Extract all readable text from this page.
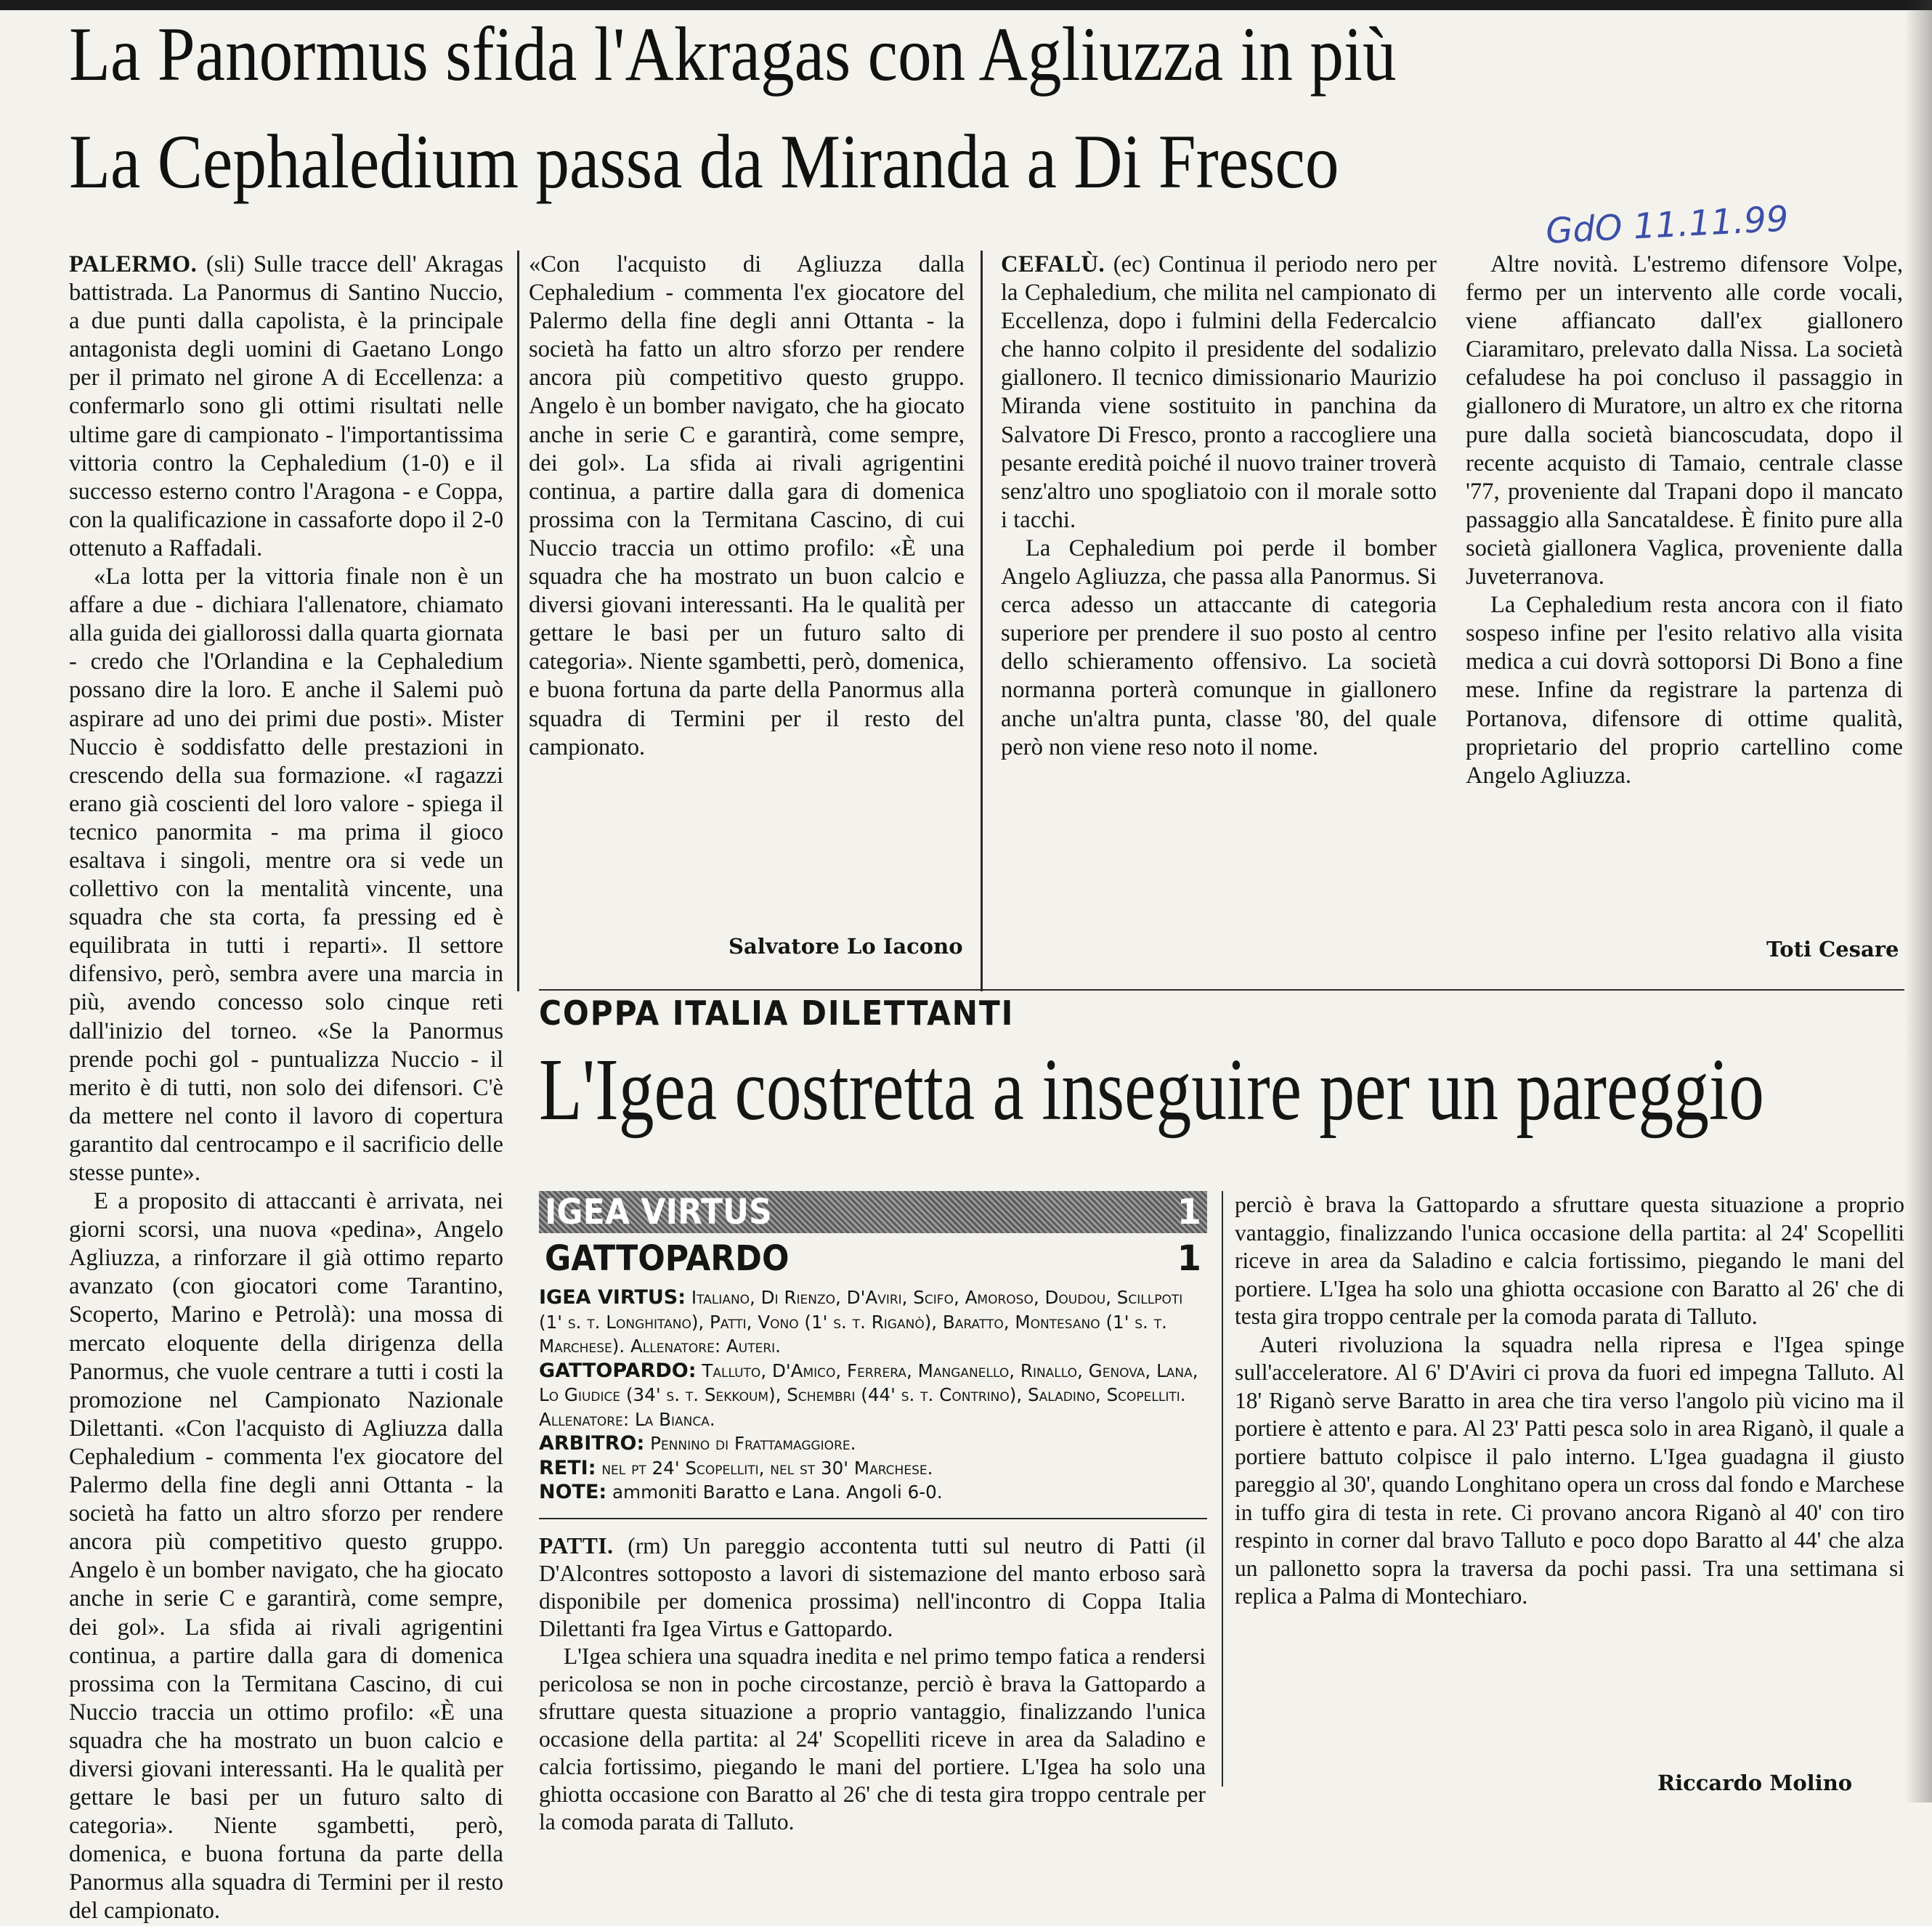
La Panormus sfida l'Akragas con Agliuzza in più
La Cephaledium passa da Miranda a Di Fresco
GdO 11.11.99

PALERMO. (sli) Sulle tracce dell' Akragas battistrada. La Panormus di Santino Nuccio, a due punti dalla capolista, è la principale antagonista degli uomini di Gaetano Longo per il primato nel girone A di Eccellenza: a confermarlo sono gli ottimi risultati nelle ultime gare di campionato - l'importantissima vittoria contro la Cephaledium (1-0) e il successo esterno contro l'Aragona - e Coppa, con la qualificazione in cassaforte dopo il 2-0 ottenuto a Raffadali.

«La lotta per la vittoria finale non è un affare a due - dichiara l'allenatore, chiamato alla guida dei giallorossi dalla quarta giornata - credo che l'Orlandina e la Cephaledium possano dire la loro. E anche il Salemi può aspirare ad uno dei primi due posti». Mister Nuccio è soddisfatto delle prestazioni in crescendo della sua formazione. «I ragazzi erano già coscienti del loro valore - spiega il tecnico panormita - ma prima il gioco esaltava i singoli, mentre ora si vede un collettivo con la mentalità vincente, una squadra che sta corta, fa pressing ed è equilibrata in tutti i reparti». Il settore difensivo, però, sembra avere una marcia in più, avendo concesso solo cinque reti dall'inizio del torneo. «Se la Panormus prende pochi gol - puntualizza Nuccio - il merito è di tutti, non solo dei difensori. C'è da mettere nel conto il lavoro di copertura garantito dal centrocampo e il sacrificio delle stesse punte».

E a proposito di attaccanti è arrivata, nei giorni scorsi, una nuova «pedina», Angelo Agliuzza, a rinforzare il già ottimo reparto avanzato (con giocatori come Tarantino, Scoperto, Marino e Petrolà): una mossa di mercato eloquente della dirigenza della Panormus, che vuole centrare a tutti i costi la promozione nel Campionato Nazionale Dilettanti. «Con l'acquisto di Agliuzza dalla Cephaledium - commenta l'ex giocatore del Palermo della fine degli anni Ottanta - la società ha fatto un altro sforzo per rendere ancora più competitivo questo gruppo. Angelo è un bomber navigato, che ha giocato anche in serie C e garantirà, come sempre, dei gol». La sfida ai rivali agrigentini continua, a partire dalla gara di domenica prossima con la Termitana Cascino, di cui Nuccio traccia un ottimo profilo: «È una squadra che ha mostrato un buon calcio e diversi giovani interessanti. Ha le qualità per gettare le basi per un futuro salto di categoria». Niente sgambetti, però, domenica, e buona fortuna da parte della Panormus alla squadra di Termini per il resto del campionato.

«Con l'acquisto di Agliuzza dalla Cephaledium - commenta l'ex giocatore del Palermo della fine degli anni Ottanta - la società ha fatto un altro sforzo per rendere ancora più competitivo questo gruppo. Angelo è un bomber navigato, che ha giocato anche in serie C e garantirà, come sempre, dei gol». La sfida ai rivali agrigentini continua, a partire dalla gara di domenica prossima con la Termitana Cascino, di cui Nuccio traccia un ottimo profilo: «È una squadra che ha mostrato un buon calcio e diversi giovani interessanti. Ha le qualità per gettare le basi per un futuro salto di categoria». Niente sgambetti, però, domenica, e buona fortuna da parte della Panormus alla squadra di Termini per il resto del campionato.

Salvatore Lo Iacono

CEFALÙ. (ec) Continua il periodo nero per la Cephaledium, che milita nel campionato di Eccellenza, dopo i fulmini della Federcalcio che hanno colpito il presidente del sodalizio giallonero. Il tecnico dimissionario Maurizio Miranda viene sostituito in panchina da Salvatore Di Fresco, pronto a raccogliere una pesante eredità poiché il nuovo trainer troverà senz'altro uno spogliatoio con il morale sotto i tacchi.

La Cephaledium poi perde il bomber Angelo Agliuzza, che passa alla Panormus. Si cerca adesso un attaccante di categoria superiore per prendere il suo posto al centro dello schieramento offensivo. La società normanna porterà comunque in giallonero anche un'altra punta, classe '80, del quale però non viene reso noto il nome.

Altre novità. L'estremo difensore Volpe, fermo per un intervento alle corde vocali, viene affiancato dall'ex giallonero Ciaramitaro, prelevato dalla Nissa. La società cefaludese ha poi concluso il passaggio in giallonero di Muratore, un altro ex che ritorna pure dalla società biancoscudata, dopo il recente acquisto di Tamaio, centrale classe '77, proveniente dal Trapani dopo il mancato passaggio alla Sancataldese. È finito pure alla società giallonera Vaglica, proveniente dalla Juveterranova.

La Cephaledium resta ancora con il fiato sospeso infine per l'esito relativo alla visita medica a cui dovrà sottoporsi Di Bono a fine mese. Infine da registrare la partenza di Portanova, difensore di ottime qualità, proprietario del proprio cartellino come Angelo Agliuzza.

Toti Cesare
COPPA ITALIA DILETTANTI
L'Igea costretta a inseguire per un pareggio
IGEA VIRTUS	1
GATTOPARDO	1

IGEA VIRTUS: Italiano, Di Rienzo, D'Aviri, Scifo, Amoroso, Doudou, Scillpoti (1' s. t. Longhitano), Patti, Vono (1' s. t. Riganò), Baratto, Montesano (1' s. t. Marchese). Allenatore: Auteri.

GATTOPARDO: Talluto, D'Amico, Ferrera, Manganello, Rinallo, Genova, Lana, Lo Giudice (34' s. t. Sekkoum), Schembri (44' s. t. Contrino), Saladino, Scopelliti. Allenatore: La Bianca.

ARBITRO: Pennino di Frattamaggiore.

RETI: nel pt 24' Scopelliti, nel st 30' Marchese.

NOTE: ammoniti Baratto e Lana. Angoli 6-0.

PATTI. (rm) Un pareggio accontenta tutti sul neutro di Patti (il D'Alcontres sottoposto a lavori di sistemazione del manto erboso sarà disponibile per domenica prossima) nell'incontro di Coppa Italia Dilettanti fra Igea Virtus e Gattopardo.

L'Igea schiera una squadra inedita e nel primo tempo fatica a rendersi pericolosa se non in poche circostanze, perciò è brava la Gattopardo a sfruttare questa situazione a proprio vantaggio, finalizzando l'unica occasione della partita: al 24' Scopelliti riceve in area da Saladino e calcia fortissimo, piegando le mani del portiere. L'Igea ha solo una ghiotta occasione con Baratto al 26' che di testa gira troppo centrale per la comoda parata di Talluto.

perciò è brava la Gattopardo a sfruttare questa situazione a proprio vantaggio, finalizzando l'unica occasione della partita: al 24' Scopelliti riceve in area da Saladino e calcia fortissimo, piegando le mani del portiere. L'Igea ha solo una ghiotta occasione con Baratto al 26' che di testa gira troppo centrale per la comoda parata di Talluto.

Auteri rivoluziona la squadra nella ripresa e l'Igea spinge sull'acceleratore. Al 6' D'Aviri ci prova da fuori ed impegna Talluto. Al 18' Riganò serve Baratto in area che tira verso l'angolo più vicino ma il portiere è attento e para. Al 23' Patti pesca solo in area Riganò, il quale a portiere battuto colpisce il palo interno. L'Igea guadagna il giusto pareggio al 30', quando Longhitano opera un cross dal fondo e Marchese in tuffo gira di testa in rete. Ci provano ancora Riganò al 40' con tiro respinto in corner dal bravo Talluto e poco dopo Baratto al 44' che alza un pallonetto sopra la traversa da pochi passi. Tra una settimana si replica a Palma di Montechiaro.

Riccardo Molino
